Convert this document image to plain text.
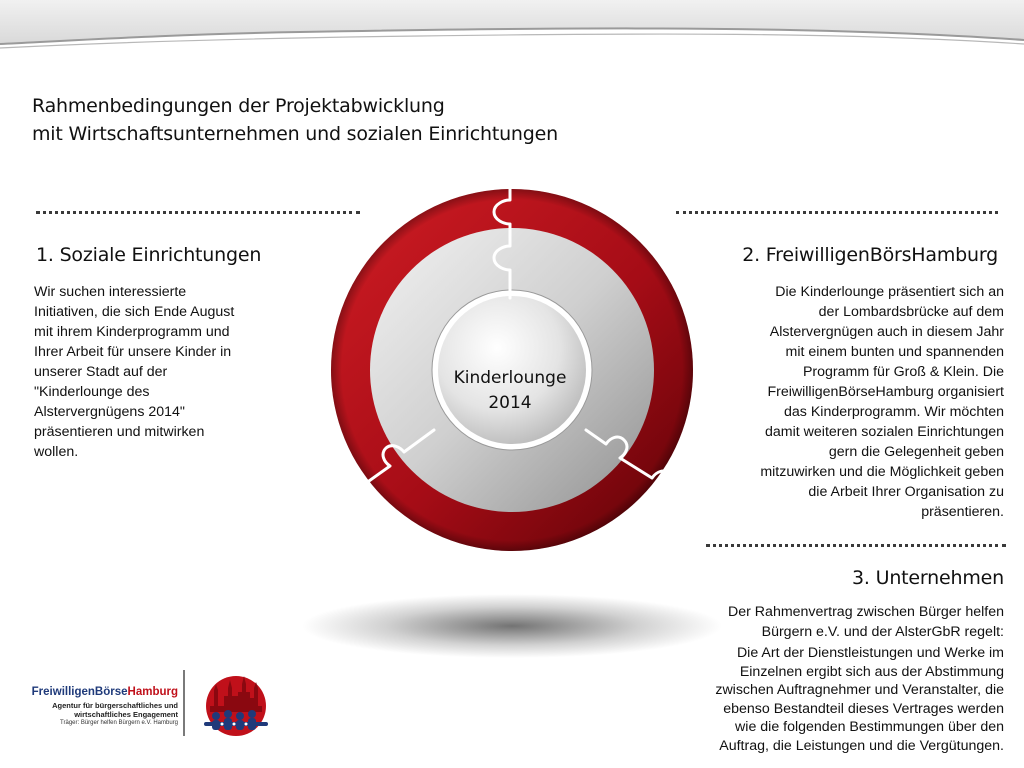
Rahmenbedingungen der Projektabwicklung
mit Wirtschaftsunternehmen und sozialen Einrichtungen
Kinderlounge
2014
1. Soziale Einrichtungen
Wir suchen interessierte
Initiativen, die sich Ende August
mit ihrem Kinderprogramm und
Ihrer Arbeit für unsere Kinder in
unserer Stadt auf der
"Kinderlounge des
Alstervergnügens 2014"
präsentieren und mitwirken
wollen.
2. FreiwilligenBörsHamburg
Die Kinderlounge präsentiert sich an
der Lombardsbrücke auf dem
Alstervergnügen auch in diesem Jahr
mit einem bunten und spannenden
Programm für Groß & Klein. Die
FreiwilligenBörseHamburg organisiert
das Kinderprogramm. Wir möchten
damit weiteren sozialen Einrichtungen
gern die Gelegenheit geben
mitzuwirken und die Möglichkeit geben
die Arbeit Ihrer Organisation zu
präsentieren.
3. Unternehmen
Der Rahmenvertrag zwischen Bürger helfen
Bürgern e.V. und der AlsterGbR regelt:
Die Art der Dienstleistungen und Werke im
Einzelnen ergibt sich aus der Abstimmung
zwischen Auftragnehmer und Veranstalter, die
ebenso Bestandteil dieses Vertrages werden
wie die folgenden Bestimmungen über den
Auftrag, die Leistungen und die Vergütungen.
FreiwilligenBörseHamburg
Agentur für bürgerschaftliches und
wirtschaftliches Engagement
Träger: Bürger helfen Bürgern e.V. Hamburg
